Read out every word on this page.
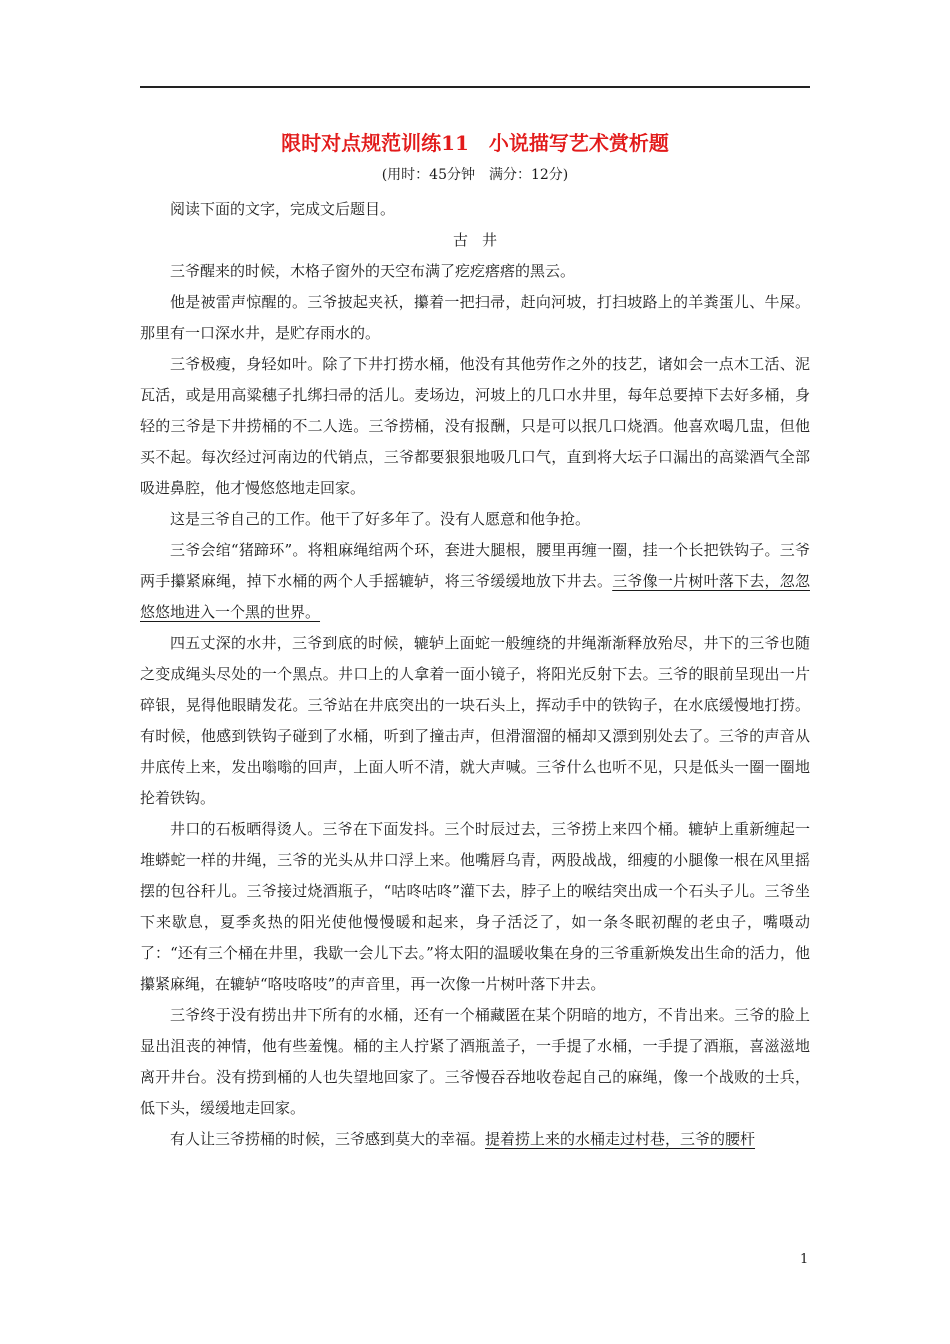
限时对点规范训练11　小说描写艺术赏析题

(用时：45分钟　满分：12分)

阅读下面的文字，完成文后题目。

古井

三爷醒来的时候，木格子窗外的天空布满了疙疙瘩瘩的黑云。

他是被雷声惊醒的。三爷披起夹袄，攥着一把扫帚，赶向河坡，打扫坡路上的羊粪蛋儿、牛屎。那里有一口深水井，是贮存雨水的。

三爷极瘦，身轻如叶。除了下井打捞水桶，他没有其他劳作之外的技艺，诸如会一点木工活、泥瓦活，或是用高粱穗子扎绑扫帚的活儿。麦场边，河坡上的几口水井里，每年总要掉下去好多桶，身轻的三爷是下井捞桶的不二人选。三爷捞桶，没有报酬，只是可以抿几口烧酒。他喜欢喝几盅，但他买不起。每次经过河南边的代销点，三爷都要狠狠地吸几口气，直到将大坛子口漏出的高粱酒气全部吸进鼻腔，他才慢悠悠地走回家。

这是三爷自己的工作。他干了好多年了。没有人愿意和他争抢。

三爷会绾“猪蹄环”。将粗麻绳绾两个环，套进大腿根，腰里再缠一圈，挂一个长把铁钩子。三爷两手攥紧麻绳，掉下水桶的两个人手摇辘轳，将三爷缓缓地放下井去。三爷像一片树叶落下去，忽忽悠悠地进入一个黑的世界。

四五丈深的水井，三爷到底的时候，辘轳上面蛇一般缠绕的井绳渐渐释放殆尽，井下的三爷也随之变成绳头尽处的一个黑点。井口上的人拿着一面小镜子，将阳光反射下去。三爷的眼前呈现出一片碎银，晃得他眼睛发花。三爷站在井底突出的一块石头上，挥动手中的铁钩子，在水底缓慢地打捞。有时候，他感到铁钩子碰到了水桶，听到了撞击声，但滑溜溜的桶却又漂到别处去了。三爷的声音从井底传上来，发出嗡嗡的回声，上面人听不清，就大声喊。三爷什么也听不见，只是低头一圈一圈地抡着铁钩。

井口的石板晒得烫人。三爷在下面发抖。三个时辰过去，三爷捞上来四个桶。辘轳上重新缠起一堆蟒蛇一样的井绳，三爷的光头从井口浮上来。他嘴唇乌青，两股战战，细瘦的小腿像一根在风里摇摆的包谷秆儿。三爷接过烧酒瓶子，“咕咚咕咚”灌下去，脖子上的喉结突出成一个石头子儿。三爷坐下来歇息，夏季炙热的阳光使他慢慢暖和起来，身子活泛了，如一条冬眠初醒的老虫子，嘴嗫动了：“还有三个桶在井里，我歇一会儿下去。”将太阳的温暖收集在身的三爷重新焕发出生命的活力，他攥紧麻绳，在辘轳“咯吱咯吱”的声音里，再一次像一片树叶落下井去。

三爷终于没有捞出井下所有的水桶，还有一个桶藏匿在某个阴暗的地方，不肯出来。三爷的脸上显出沮丧的神情，他有些羞愧。桶的主人拧紧了酒瓶盖子，一手提了水桶，一手提了酒瓶，喜滋滋地离开井台。没有捞到桶的人也失望地回家了。三爷慢吞吞地收卷起自己的麻绳，像一个战败的士兵，低下头，缓缓地走回家。

有人让三爷捞桶的时候，三爷感到莫大的幸福。提着捞上来的水桶走过村巷，三爷的腰杆

1
